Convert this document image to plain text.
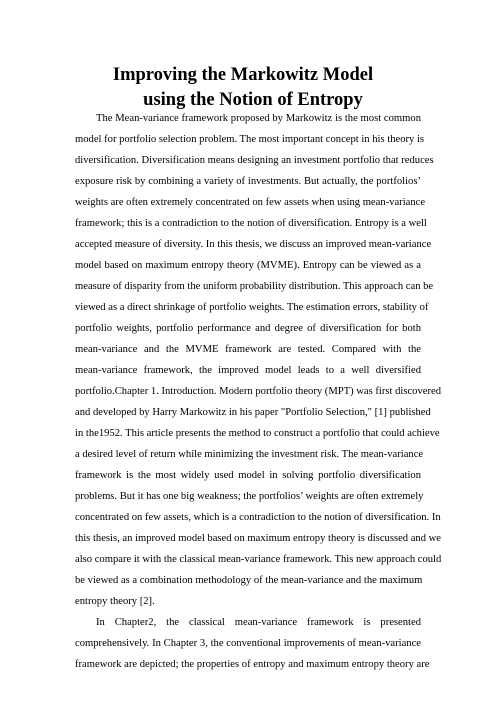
Improving the Markowitz Model
using the Notion of Entropy
The Mean-variance framework proposed by Markowitz is the most common
model for portfolio selection problem. The most important concept in his theory is
diversification. Diversification means designing an investment portfolio that reduces
exposure risk by combining a variety of investments. But actually, the portfolios’
weights are often extremely concentrated on few assets when using mean-variance
framework; this is a contradiction to the notion of diversification. Entropy is a well
accepted measure of diversity. In this thesis, we discuss an improved mean-variance
model based on maximum entropy theory (MVME). Entropy can be viewed as a
measure of disparity from the uniform probability distribution. This approach can be
viewed as a direct shrinkage of portfolio weights. The estimation errors, stability of
portfolio weights, portfolio performance and degree of diversification for both
mean-variance and the MVME framework are tested. Compared with the
mean-variance framework, the improved model leads to a well diversified
portfolio.Chapter 1. Introduction. Modern portfolio theory (MPT) was first discovered
and developed by Harry Markowitz in his paper "Portfolio Selection," [1] published
in the1952. This article presents the method to construct a portfolio that could achieve
a desired level of return while minimizing the investment risk. The mean-variance
framework is the most widely used model in solving portfolio diversification
problems. But it has one big weakness; the portfolios’ weights are often extremely
concentrated on few assets, which is a contradiction to the notion of diversification. In
this thesis, an improved model based on maximum entropy theory is discussed and we
also compare it with the classical mean-variance framework. This new approach could
be viewed as a combination methodology of the mean-variance and the maximum
entropy theory [2].
In Chapter2, the classical mean-variance framework is presented
comprehensively. In Chapter 3, the conventional improvements of mean-variance
framework are depicted; the properties of entropy and maximum entropy theory are
